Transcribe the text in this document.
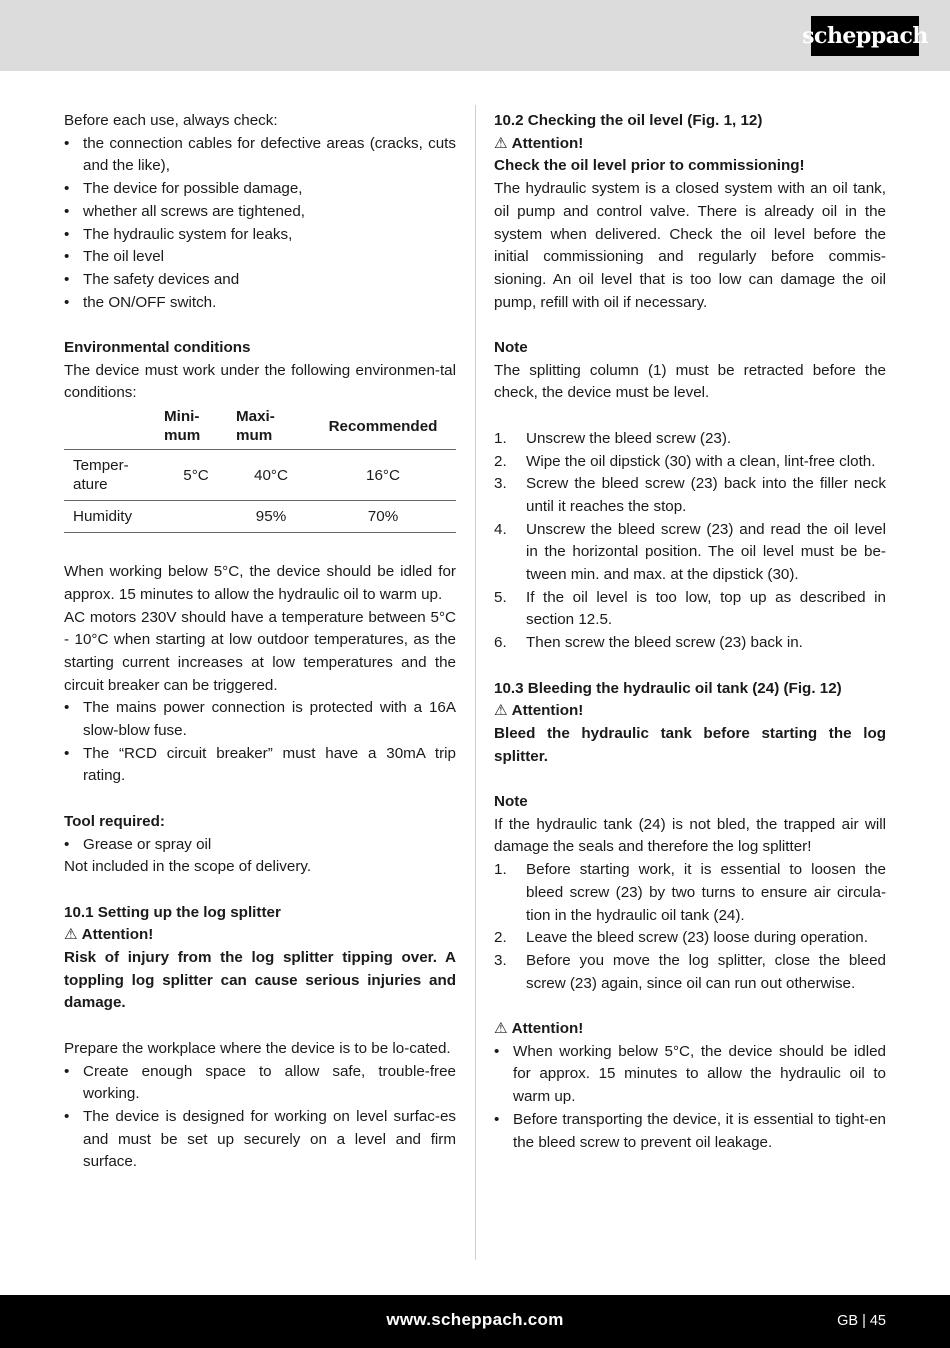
scheppach

Before each use, always check:

• the connection cables for defective areas (cracks, cuts and the like),
• The device for possible damage,
• whether all screws are tightened,
• The hydraulic system for leaks,
• The oil level
• The safety devices and
• the ON/OFF switch.

Environmental conditions

The device must work under the following environmen-tal conditions:

	Mini-mum	Maxi-mum	Recommended
Temper-ature	5°C	40°C	16°C
Humidity		95%	70%

When working below 5°C, the device should be idled for approx. 15 minutes to allow the hydraulic oil to warm up.

AC motors 230V should have a temperature between 5°C - 10°C when starting at low outdoor temperatures, as the starting current increases at low temperatures and the circuit breaker can be triggered.

• The mains power connection is protected with a 16A slow-blow fuse.
• The “RCD circuit breaker” must have a 30mA trip rating.

Tool required:

• Grease or spray oil

Not included in the scope of delivery.

10.1 Setting up the log splitter

⚠ Attention!

Risk of injury from the log splitter tipping over. A toppling log splitter can cause serious injuries and damage.

Prepare the workplace where the device is to be lo-cated.

• Create enough space to allow safe, trouble-free working.
• The device is designed for working on level surfac-es and must be set up securely on a level and firm surface.

10.2 Checking the oil level (Fig. 1, 12)

⚠ Attention!

Check the oil level prior to commissioning!

The hydraulic system is a closed system with an oil tank, oil pump and control valve. There is already oil in the system when delivered. Check the oil level before the initial commissioning and regularly before commis-sioning. An oil level that is too low can damage the oil pump, refill with oil if necessary.

Note

The splitting column (1) must be retracted before the check, the device must be level.

1. Unscrew the bleed screw (23).
2. Wipe the oil dipstick (30) with a clean, lint-free cloth.
3. Screw the bleed screw (23) back into the filler neck until it reaches the stop.
4. Unscrew the bleed screw (23) and read the oil level in the horizontal position. The oil level must be be-tween min. and max. at the dipstick (30).
5. If the oil level is too low, top up as described in section 12.5.
6. Then screw the bleed screw (23) back in.

10.3 Bleeding the hydraulic oil tank (24) (Fig. 12)

⚠ Attention!

Bleed the hydraulic tank before starting the log splitter.

Note

If the hydraulic tank (24) is not bled, the trapped air will damage the seals and therefore the log splitter!

1. Before starting work, it is essential to loosen the bleed screw (23) by two turns to ensure air circula-tion in the hydraulic oil tank (24).
2. Leave the bleed screw (23) loose during operation.
3. Before you move the log splitter, close the bleed screw (23) again, since oil can run out otherwise.

⚠ Attention!

• When working below 5°C, the device should be idled for approx. 15 minutes to allow the hydraulic oil to warm up.
• Before transporting the device, it is essential to tight-en the bleed screw to prevent oil leakage.
www.scheppach.com	GB | 45
